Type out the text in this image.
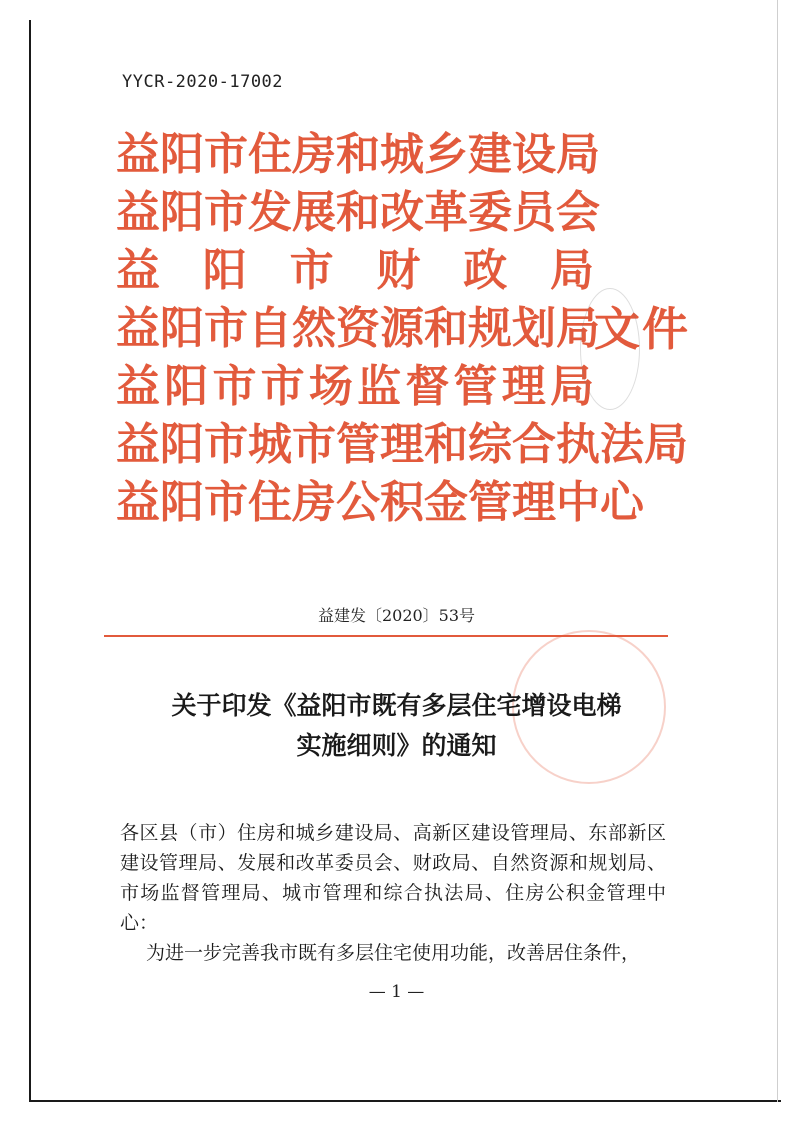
YYCR-2020-17002
益阳市住房和城乡建设局
益阳市发展和改革委员会
益 阳 市 财 政 局
益阳市自然资源和规划局
益阳市市场监督管理局
益阳市城市管理和综合执法局
益阳市住房公积金管理中心
文件
益建发〔2020〕53号
关于印发《益阳市既有多层住宅增设电梯
实施细则》的通知

各区县（市）住房和城乡建设局、高新区建设管理局、东部新区建设管理局、发展和改革委员会、财政局、自然资源和规划局、市场监督管理局、城市管理和综合执法局、住房公积金管理中心：

为进一步完善我市既有多层住宅使用功能，改善居住条件，

— 1 —
